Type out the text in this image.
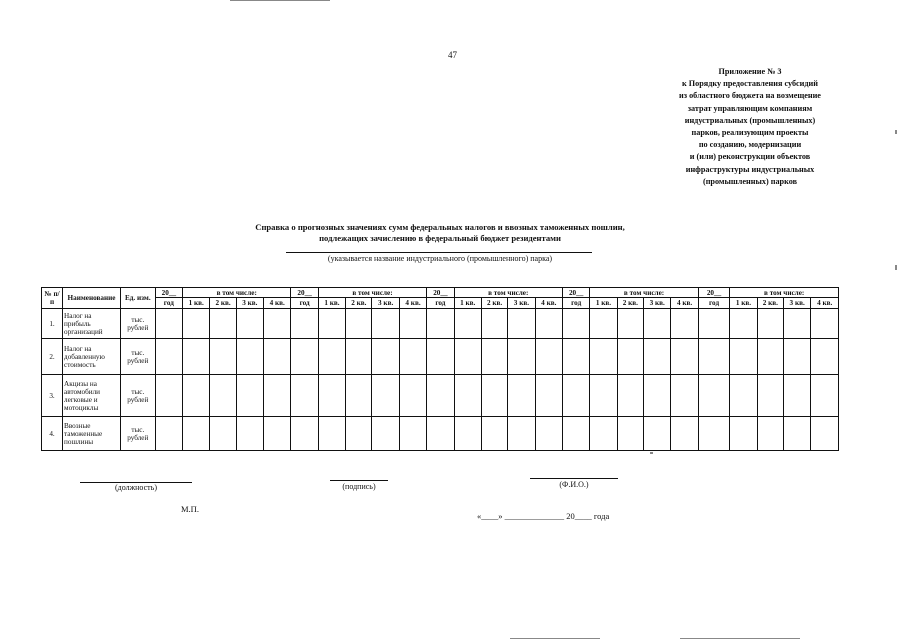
47
Приложение № 3
к Порядку предоставления субсидий
из областного бюджета на возмещение
затрат управляющим компаниям
индустриальных (промышленных)
парков, реализующим проекты
по созданию, модернизации
и (или) реконструкции объектов
инфраструктуры индустриальных
(промышленных) парков
Справка о прогнозных значениях сумм федеральных налогов и ввозных таможенных пошлин,
подлежащих зачислению в федеральный бюджет резидентами
(указывается название индустриального (промышленного) парка)
№ п/п	Наименование	Ед. изм.	20__	в том числе:				20__	в том числе:				20__	в том числе:				20__	в том числе:				20__	в том числе:			
			год	1 кв.	2 кв.	3 кв.	4 кв.	год	1 кв.	2 кв.	3 кв.	4 кв.	год	1 кв.	2 кв.	3 кв.	4 кв.	год	1 кв.	2 кв.	3 кв.	4 кв.	год	1 кв.	2 кв.	3 кв.	4 кв.
1.	Налог на прибыль организаций	тыс. рублей																									
2.	Налог на добавленную стоимость	тыс. рублей																									
3.	Акцизы на автомобили легковые и мотоциклы	тыс. рублей																									
4.	Ввозные таможенные пошлины	тыс. рублей																									
(должность)	(подпись)	(Ф.И.О.)
М.П.
«____» ______________ 20____ года
